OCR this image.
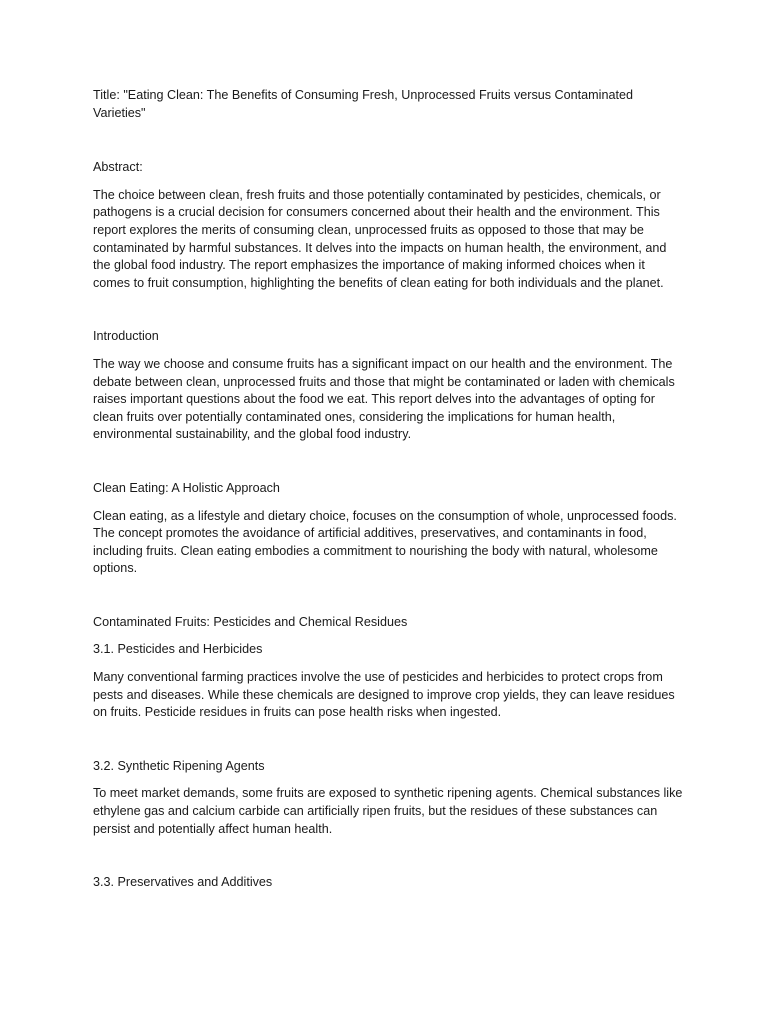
Title: "Eating Clean: The Benefits of Consuming Fresh, Unprocessed Fruits versus Contaminated Varieties"

Abstract:

The choice between clean, fresh fruits and those potentially contaminated by pesticides, chemicals, or pathogens is a crucial decision for consumers concerned about their health and the environment. This report explores the merits of consuming clean, unprocessed fruits as opposed to those that may be contaminated by harmful substances. It delves into the impacts on human health, the environment, and the global food industry. The report emphasizes the importance of making informed choices when it comes to fruit consumption, highlighting the benefits of clean eating for both individuals and the planet.

Introduction

The way we choose and consume fruits has a significant impact on our health and the environment. The debate between clean, unprocessed fruits and those that might be contaminated or laden with chemicals raises important questions about the food we eat. This report delves into the advantages of opting for clean fruits over potentially contaminated ones, considering the implications for human health, environmental sustainability, and the global food industry.

Clean Eating: A Holistic Approach

Clean eating, as a lifestyle and dietary choice, focuses on the consumption of whole, unprocessed foods. The concept promotes the avoidance of artificial additives, preservatives, and contaminants in food, including fruits. Clean eating embodies a commitment to nourishing the body with natural, wholesome options.

Contaminated Fruits: Pesticides and Chemical Residues

3.1. Pesticides and Herbicides

Many conventional farming practices involve the use of pesticides and herbicides to protect crops from pests and diseases. While these chemicals are designed to improve crop yields, they can leave residues on fruits. Pesticide residues in fruits can pose health risks when ingested.

3.2. Synthetic Ripening Agents

To meet market demands, some fruits are exposed to synthetic ripening agents. Chemical substances like ethylene gas and calcium carbide can artificially ripen fruits, but the residues of these substances can persist and potentially affect human health.

3.3. Preservatives and Additives
